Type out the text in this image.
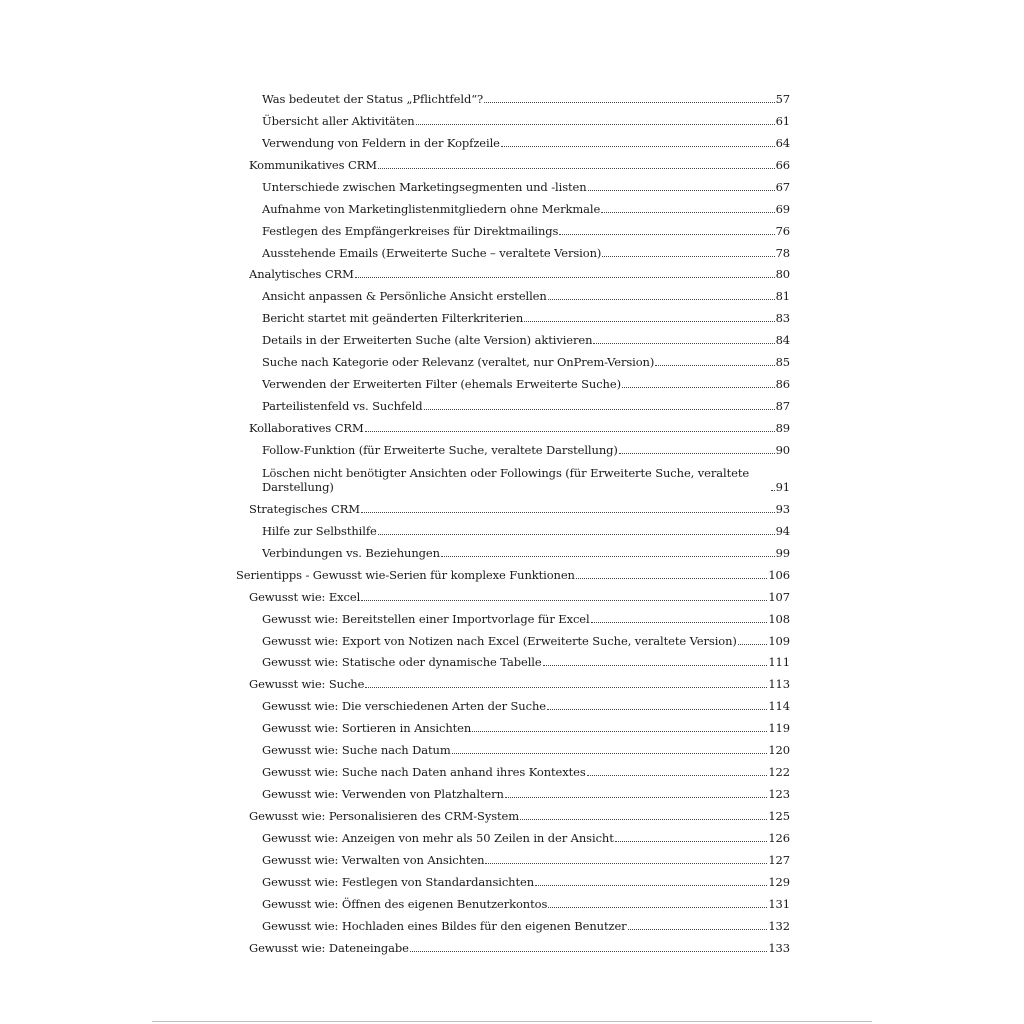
Was bedeutet der Status „Pflichtfeld“?	57
Übersicht aller Aktivitäten	61
Verwendung von Feldern in der Kopfzeile	64
Kommunikatives CRM	66
Unterschiede zwischen Marketingsegmenten und -listen	67
Aufnahme von Marketinglistenmitgliedern ohne Merkmale	69
Festlegen des Empfängerkreises für Direktmailings	76
Ausstehende Emails (Erweiterte Suche – veraltete Version)	78
Analytisches CRM	80
Ansicht anpassen & Persönliche Ansicht erstellen	81
Bericht startet mit geänderten Filterkriterien	83
Details in der Erweiterten Suche (alte Version) aktivieren	84
Suche nach Kategorie oder Relevanz (veraltet, nur OnPrem-Version)	85
Verwenden der Erweiterten Filter (ehemals Erweiterte Suche)	86
Parteilistenfeld vs. Suchfeld	87
Kollaboratives CRM	89
Follow-Funktion (für Erweiterte Suche, veraltete Darstellung)	90
Löschen nicht benötigter Ansichten oder Followings (für Erweiterte Suche, veraltete Darstellung)	91
Strategisches CRM	93
Hilfe zur Selbsthilfe	94
Verbindungen vs. Beziehungen	99
Serientipps - Gewusst wie-Serien für komplexe Funktionen	106
Gewusst wie: Excel	107
Gewusst wie: Bereitstellen einer Importvorlage für Excel	108
Gewusst wie: Export von Notizen nach Excel (Erweiterte Suche, veraltete Version)	109
Gewusst wie: Statische oder dynamische Tabelle	111
Gewusst wie: Suche	113
Gewusst wie: Die verschiedenen Arten der Suche	114
Gewusst wie: Sortieren in Ansichten	119
Gewusst wie: Suche nach Datum	120
Gewusst wie: Suche nach Daten anhand ihres Kontextes	122
Gewusst wie: Verwenden von Platzhaltern	123
Gewusst wie: Personalisieren des CRM-System	125
Gewusst wie: Anzeigen von mehr als 50 Zeilen in der Ansicht	126
Gewusst wie: Verwalten von Ansichten	127
Gewusst wie: Festlegen von Standardansichten	129
Gewusst wie: Öffnen des eigenen Benutzerkontos	131
Gewusst wie: Hochladen eines Bildes für den eigenen Benutzer	132
Gewusst wie: Dateneingabe	133
